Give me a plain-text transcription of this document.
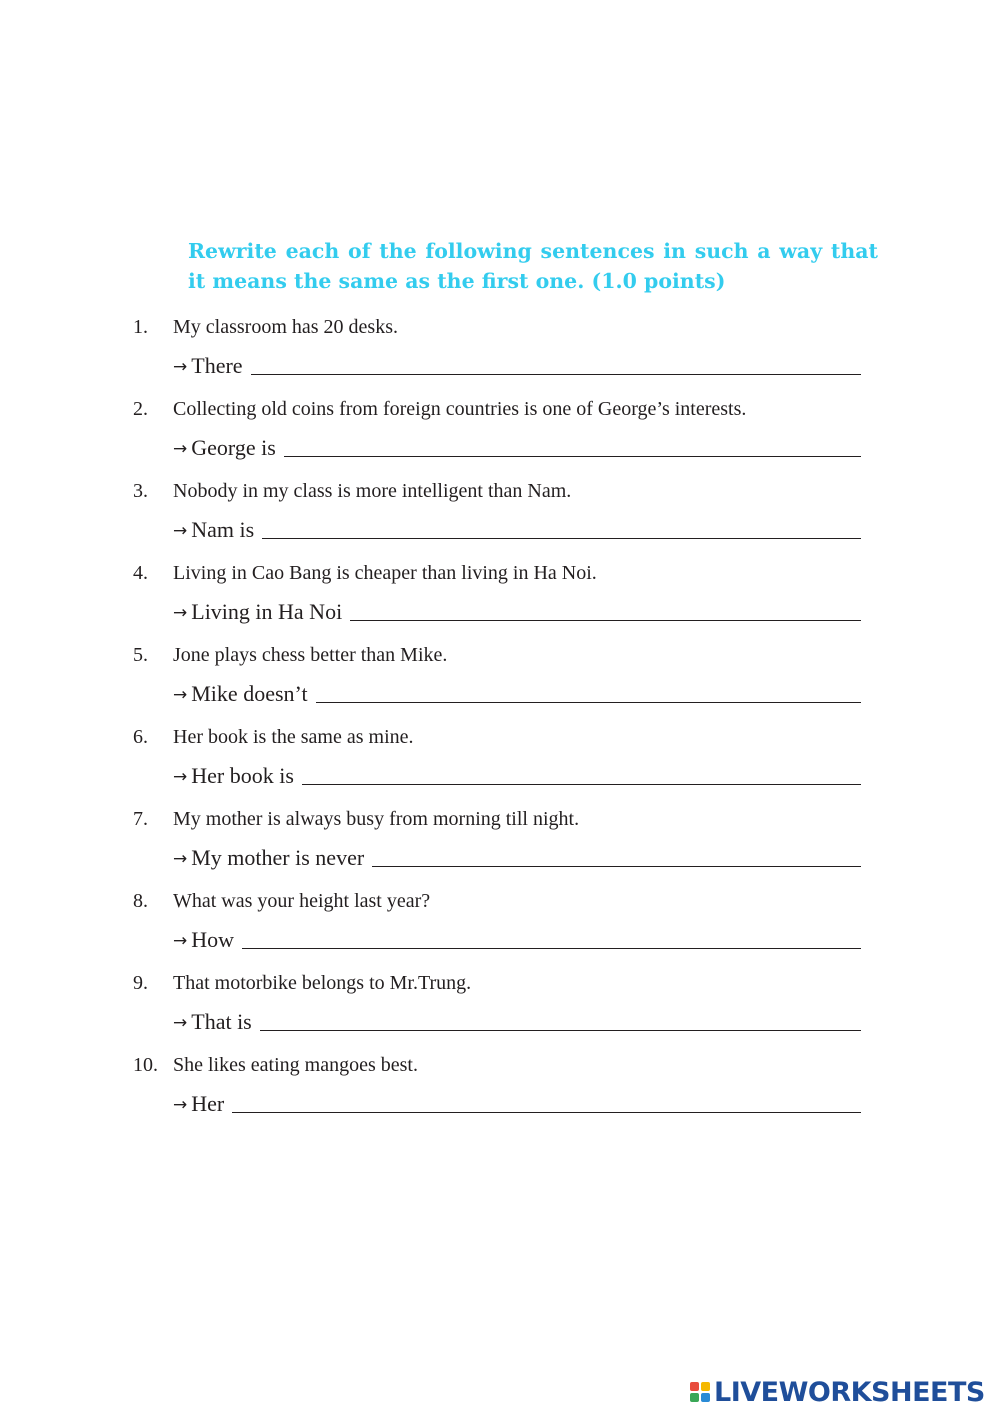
Rewrite each of the following sentences in such a way that it means the same as the first one. (1.0 points)
1. My classroom has 20 desks.
→ There
2. Collecting old coins from foreign countries is one of George’s interests.
→ George is
3. Nobody in my class is more intelligent than Nam.
→ Nam is
4. Living in Cao Bang is cheaper than living in Ha Noi.
→ Living in Ha Noi
5. Jone plays chess better than Mike.
→ Mike doesn’t
6. Her book is the same as mine.
→ Her book is
7. My mother is always busy from morning till night.
→ My mother is never
8. What was your height last year?
→ How
9. That motorbike belongs to Mr.Trung.
→ That is
10. She likes eating mangoes best.
→ Her
LIVEWORKSHEETS
